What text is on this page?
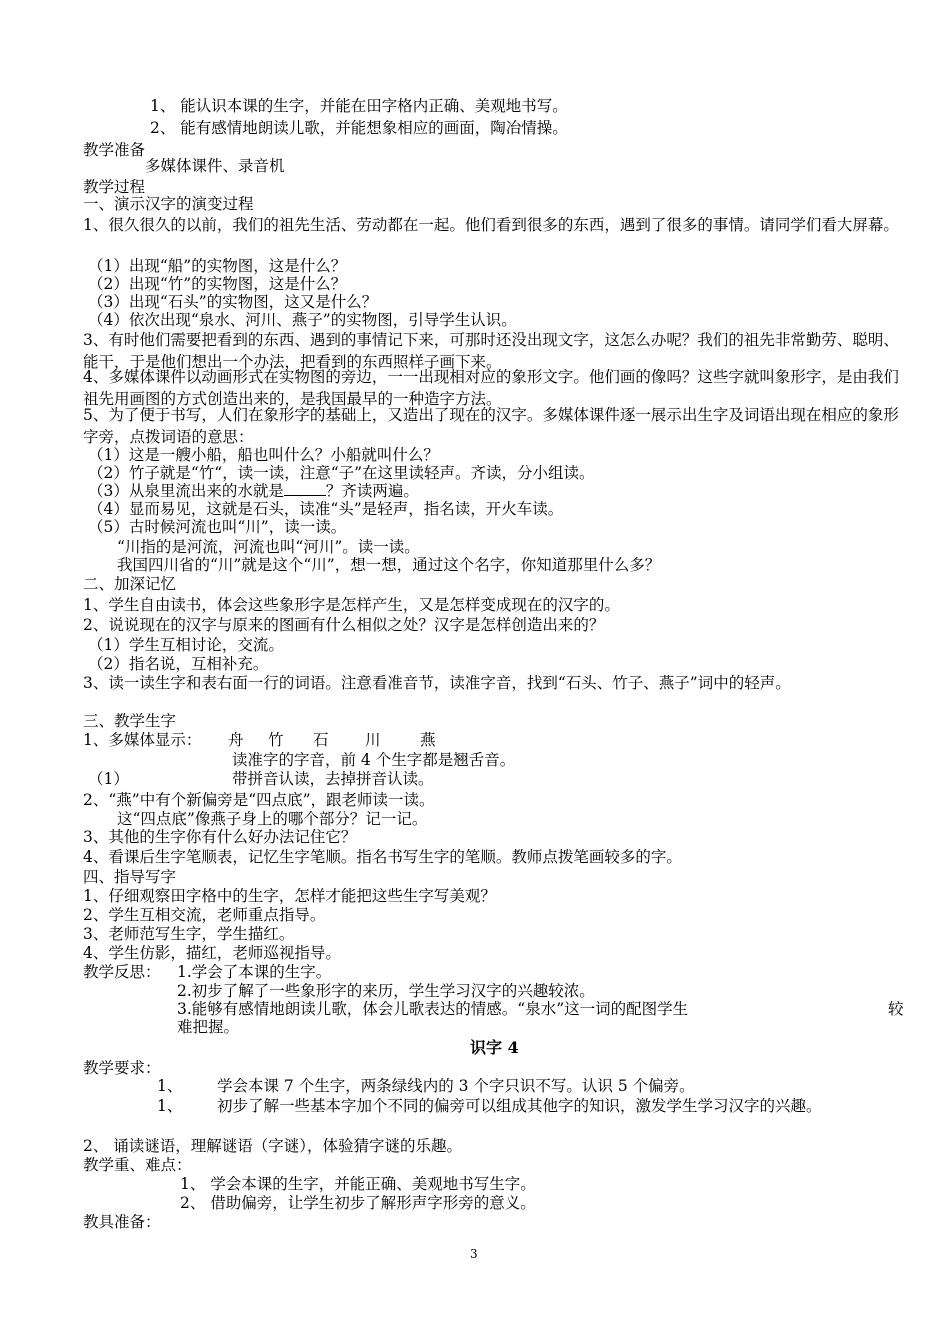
1、 能认识本课的生字，并能在田字格内正确、美观地书写。
2、 能有感情地朗读儿歌，并能想象相应的画面，陶冶情操。
教学准备
多媒体课件、录音机
教学过程
一、演示汉字的演变过程
1、很久很久的以前，我们的祖先生活、劳动都在一起。他们看到很多的东西，遇到了很多的事情。请同学们看大屏幕。
（1）出现“船”的实物图，这是什么？
（2）出现“竹”的实物图，这是什么？
（3）出现“石头”的实物图，这又是什么？
（4）依次出现“泉水、河川、燕子”的实物图，引导学生认识。
3、有时他们需要把看到的东西、遇到的事情记下来，可那时还没出现文字，这怎么办呢？我们的祖先非常勤劳、聪明、能干，于是他们想出一个办法，把看到的东西照样子画下来。
4、多媒体课件以动画形式在实物图的旁边，一一出现相对应的象形文字。他们画的像吗？这些字就叫象形字，是由我们祖先用画图的方式创造出来的，是我国最早的一种造字方法。
5、为了便于书写，人们在象形字的基础上，又造出了现在的汉字。多媒体课件逐一展示出生字及词语出现在相应的象形字旁，点拨词语的意思：
（1）这是一艘小船，船也叫什么？小船就叫什么？
（2）竹子就是“竹“，读一读，注意“子”在这里读轻声。齐读，分小组读。
（3）从泉里流出来的水就是	？齐读两遍。
（4）显而易见，这就是石头，读准“头”是轻声，指名读，开火车读。
（5）古时候河流也叫“川”，读一读。
“川指的是河流，河流也叫“河川”。读一读。
我国四川省的“川”就是这个“川”，想一想，通过这个名字，你知道那里什么多？
二、加深记忆
1、学生自由读书，体会这些象形字是怎样产生，又是怎样变成现在的汉字的。
2、说说现在的汉字与原来的图画有什么相似之处？汉字是怎样创造出来的？
（1）学生互相讨论，交流。
（2）指名说，互相补充。
3、读一读生字和表右面一行的词语。注意看准音节，读准字音，找到“石头、竹子、燕子”词中的轻声。
三、教学生字
1、多媒体显示： 舟 竹 石 川	燕
读准字的字音，前 4 个生字都是翘舌音。
（1）	带拼音认读，去掉拼音认读。
2、“燕”中有个新偏旁是“四点底”，跟老师读一读。
这“四点底”像燕子身上的哪个部分？记一记。
3、其他的生字你有什么好办法记住它？
4、看课后生字笔顺表，记忆生字笔顺。指名书写生字的笔顺。教师点拨笔画较多的字。
四、指导写字
1、仔细观察田字格中的生字，怎样才能把这些生字写美观？
2、学生互相交流，老师重点指导。
3、老师范写生字，学生描红。
4、学生仿影，描红，老师巡视指导。
教学反思： 1.学会了本课的生字。
2.初步了解了一些象形字的来历，学生学习汉字的兴趣较浓。
3.能够有感情地朗读儿歌，体会儿歌表达的情感。“泉水”这一词的配图学生	较
难把握。
识字 4
教学要求：
1、 学会本课 7 个生字，两条绿线内的 3 个字只识不写。认识 5 个偏旁。
1、	初步了解一些基本字加个不同的偏旁可以组成其他字的知识，激发学生学习汉字的兴趣。
2、 诵读谜语，理解谜语（字谜），体验猜字谜的乐趣。
教学重、难点：
1、 学会本课的生字，并能正确、美观地书写生字。
2、 借助偏旁，让学生初步了解形声字形旁的意义。
教具准备：
3
